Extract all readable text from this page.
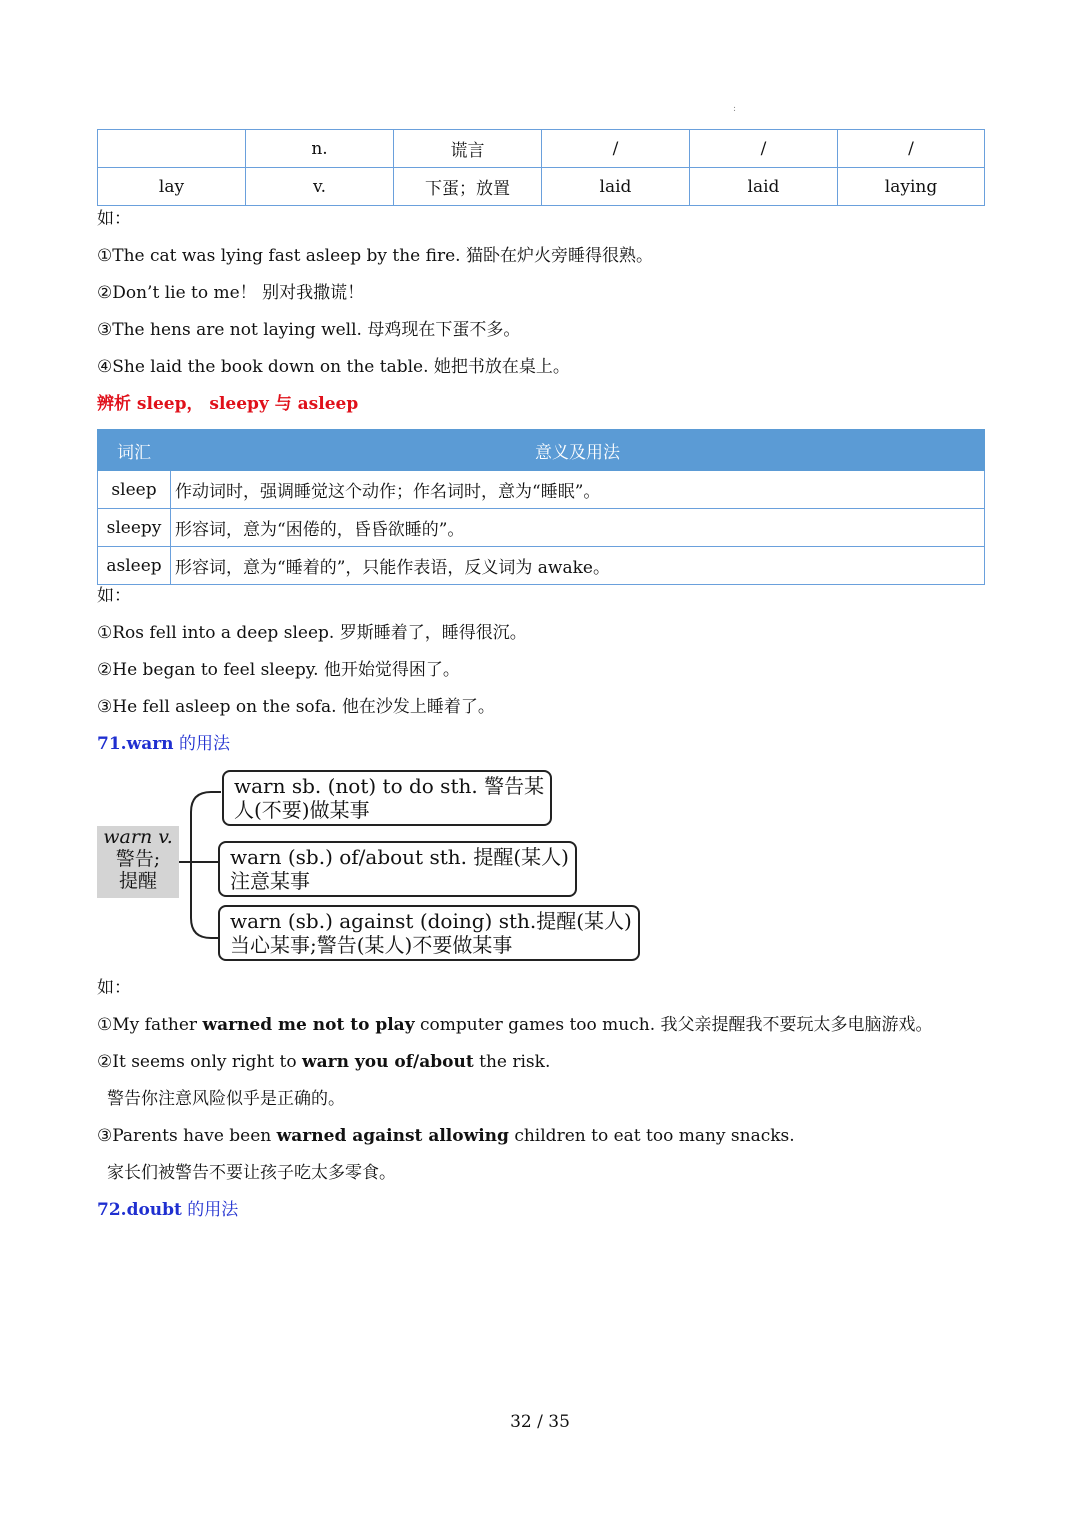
:
	n.	谎言	/	/	/
lay	v.	下蛋；放置	laid	laid	laying
如：
①The cat was lying fast asleep by the fire. 猫卧在炉火旁睡得很熟。
②Don’t lie to me！ 别对我撒谎！
③The hens are not laying well. 母鸡现在下蛋不多。
④She laid the book down on the table. 她把书放在桌上。
辨析 sleep， sleepy 与 asleep
词汇	意义及用法
sleep	作动词时，强调睡觉这个动作；作名词时，意为“睡眠”。
sleepy	形容词，意为“困倦的，昏昏欲睡的”。
asleep	形容词，意为“睡着的”，只能作表语，反义词为 awake。
如：
①Ros fell into a deep sleep. 罗斯睡着了，睡得很沉。
②He began to feel sleepy. 他开始觉得困了。
③He fell asleep on the sofa. 他在沙发上睡着了。
71.warn 的用法
warn v.
警告;
提醒
warn sb. (not) to do sth. 警告某
人(不要)做某事
warn (sb.) of/about sth. 提醒(某人)
注意某事
warn (sb.) against (doing) sth.提醒(某人)
当心某事;警告(某人)不要做某事
如：
①My father warned me not to play computer games too much. 我父亲提醒我不要玩太多电脑游戏。
②It seems only right to warn you of/about the risk.
警告你注意风险似乎是正确的。
③Parents have been warned against allowing children to eat too many snacks.
家长们被警告不要让孩子吃太多零食。
72.doubt 的用法
32 / 35
